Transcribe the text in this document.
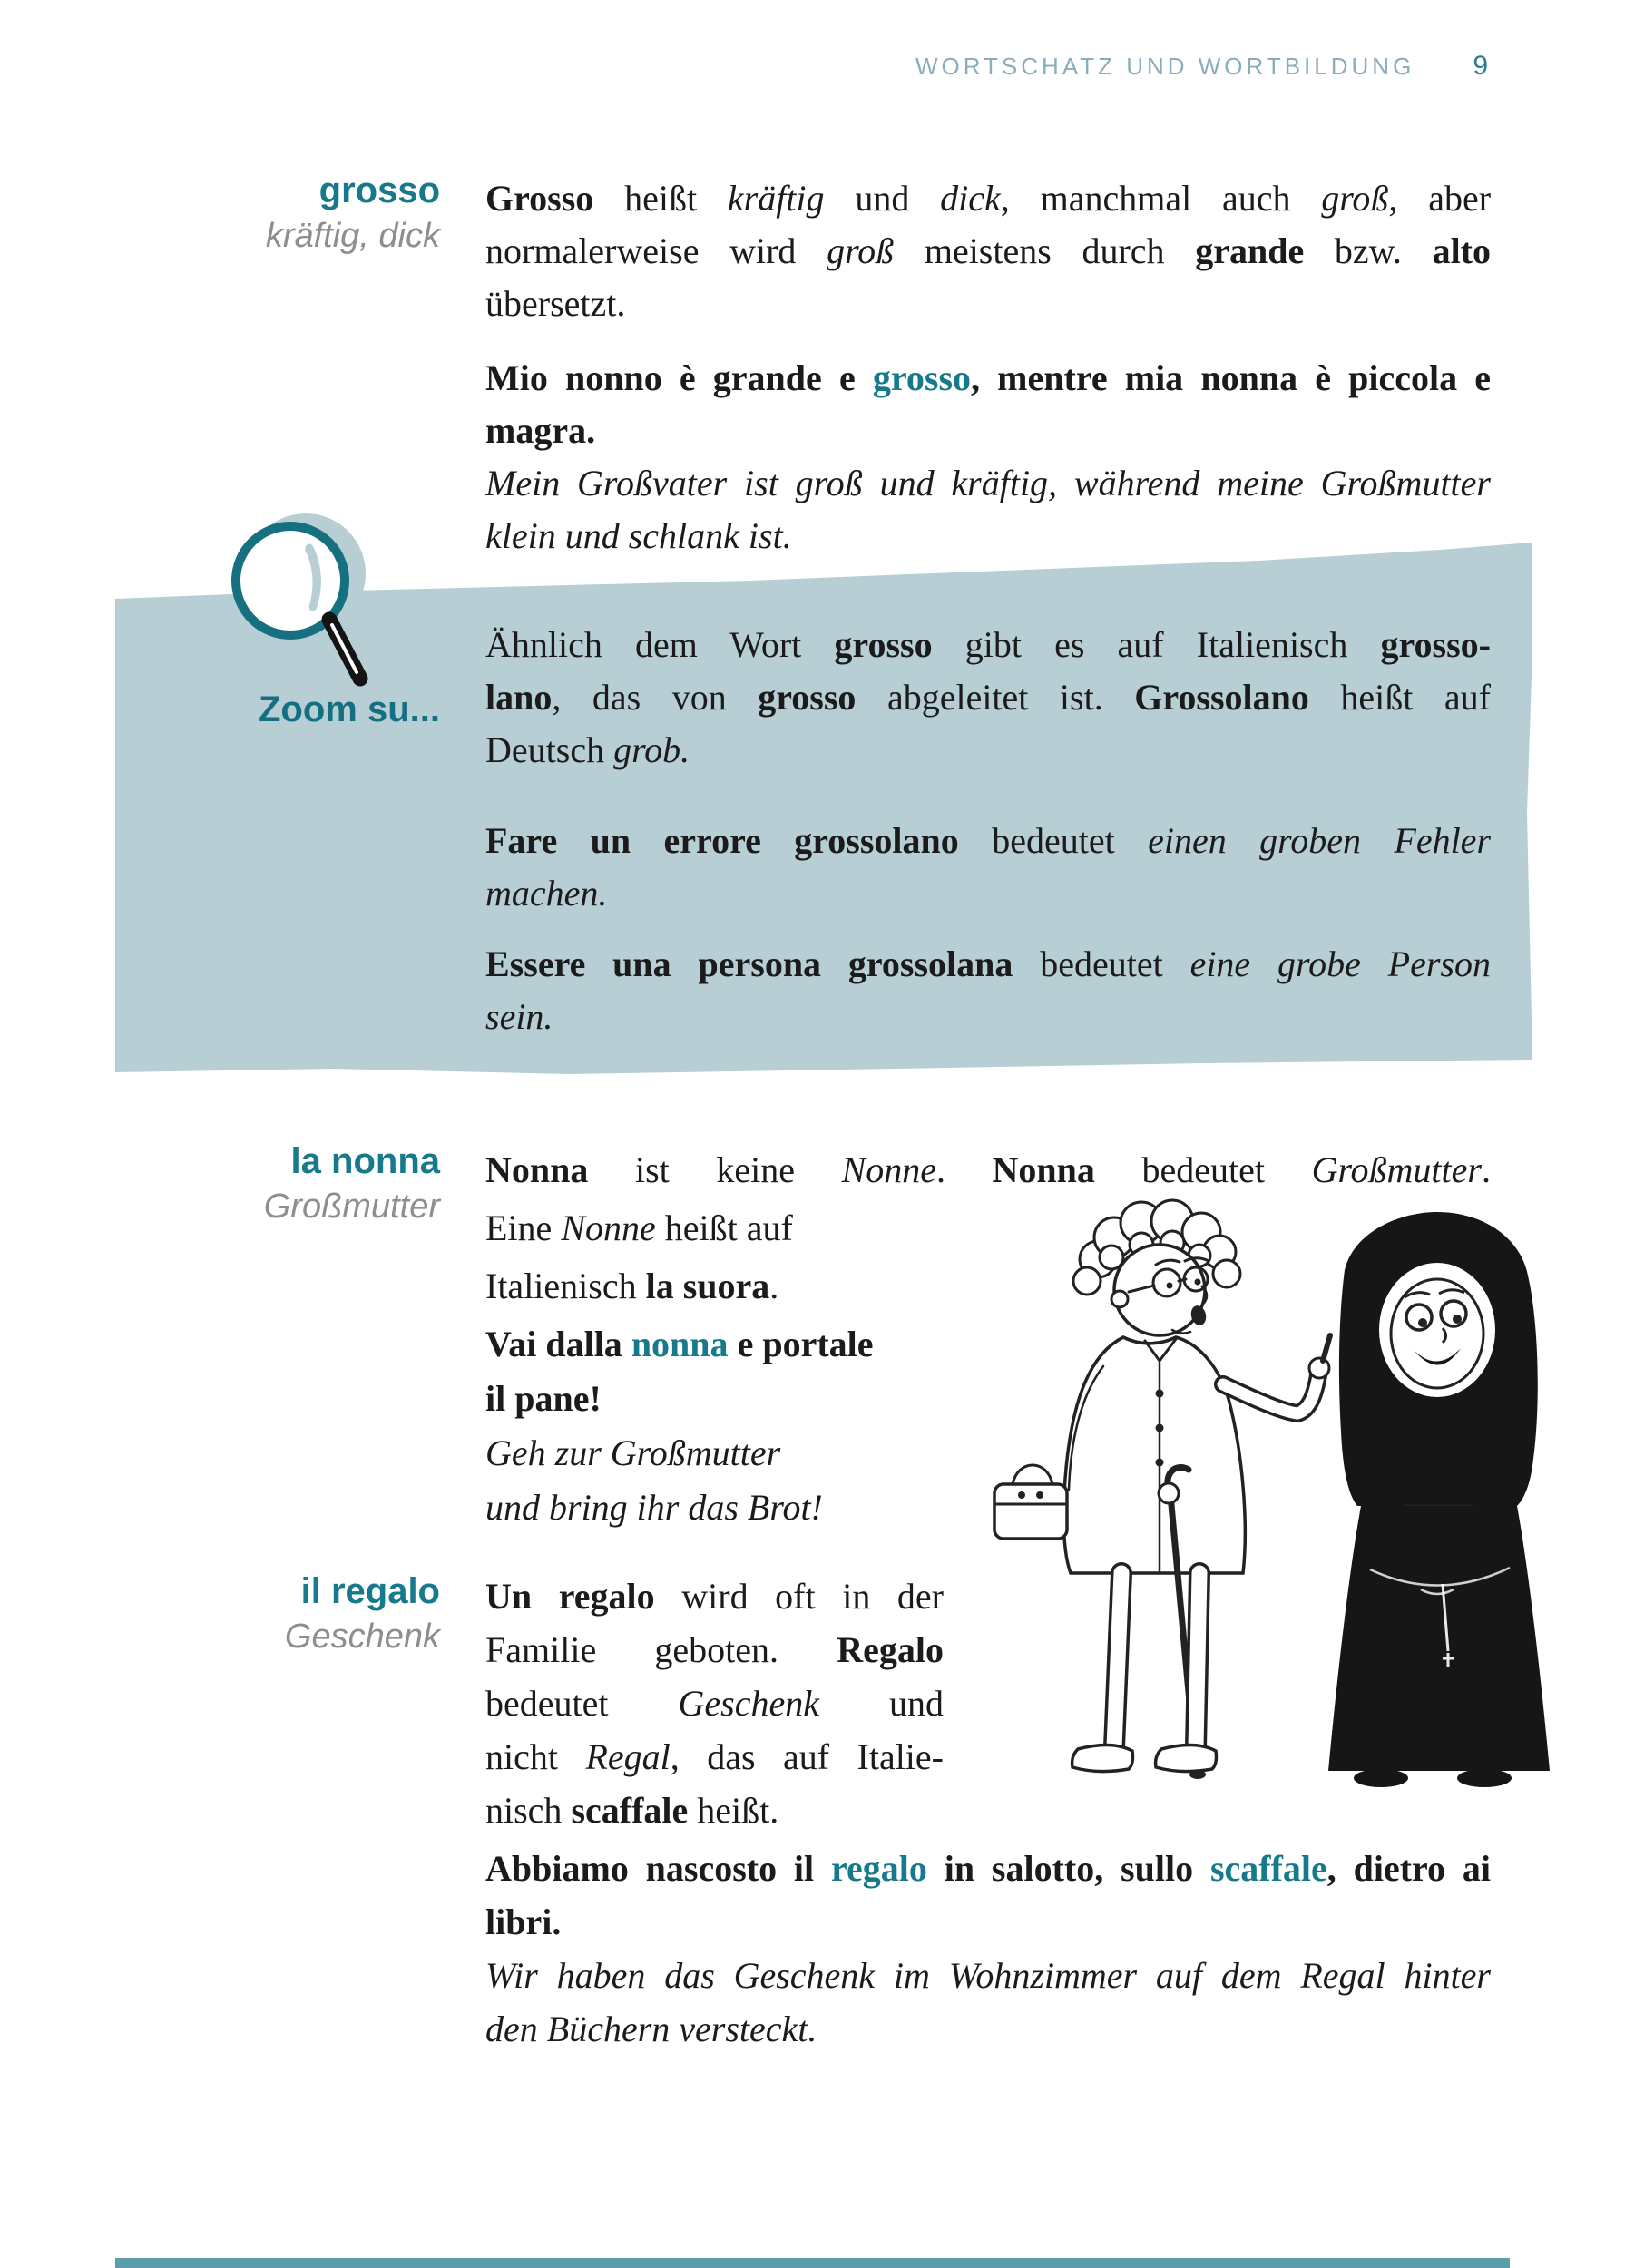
WORTSCHATZ UND WORTBILDUNG 9
grosso
kräftig, dick
Zoom su...
la nonna
Großmutter
il regalo
Geschenk
Grosso heißt kräftig und dick, manchmal auch groß, aber
normalerweise wird groß meistens durch grande bzw. alto
übersetzt.
Mio nonno è grande e grosso, mentre mia nonna è piccola e
magra.
Mein Großvater ist groß und kräftig, während meine Großmutter
klein und schlank ist.
Ähnlich dem Wort grosso gibt es auf Italienisch grosso-
lano, das von grosso abgeleitet ist. Grossolano heißt auf
Deutsch grob.
Fare un errore grossolano bedeutet einen groben Fehler
machen.
Essere una persona grossolana bedeutet eine grobe Person
sein.
Nonna ist keine Nonne. Nonna bedeutet Großmutter.
Eine Nonne heißt auf
Italienisch la suora.
Vai dalla nonna e portale
il pane!
Geh zur Großmutter
und bring ihr das Brot!
Un regalo wird oft in der
Familie geboten. Regalo
bedeutet Geschenk und
nicht Regal, das auf Italie-
nisch scaffale heißt.
Abbiamo nascosto il regalo in salotto, sullo scaffale, dietro ai
libri.
Wir haben das Geschenk im Wohnzimmer auf dem Regal hinter
den Büchern versteckt.
